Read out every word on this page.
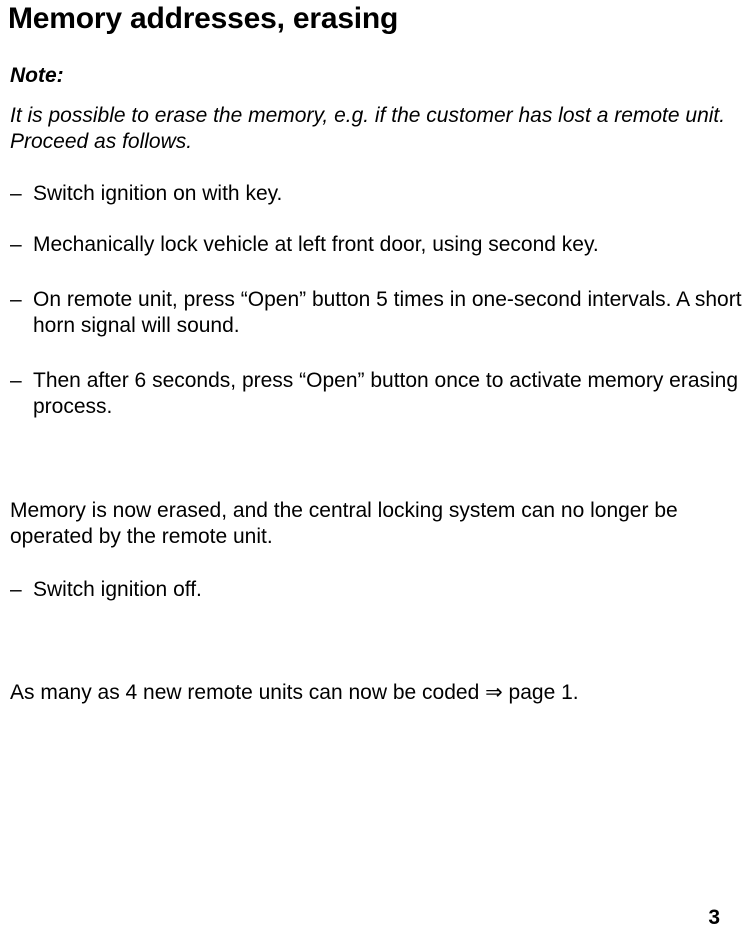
Memory addresses, erasing
Note:
It is possible to erase the memory, e.g. if the customer has lost a remote unit. Proceed as follows.
– Switch ignition on with key.
– Mechanically lock vehicle at left front door, using second key.
– On remote unit, press “Open” button 5 times in one-second intervals. A short horn signal will sound.
– Then after 6 seconds, press “Open” button once to activate memory erasing process.
Memory is now erased, and the central locking system can no longer be operated by the remote unit.
– Switch ignition off.
As many as 4 new remote units can now be coded ⇒ page 1.
3
